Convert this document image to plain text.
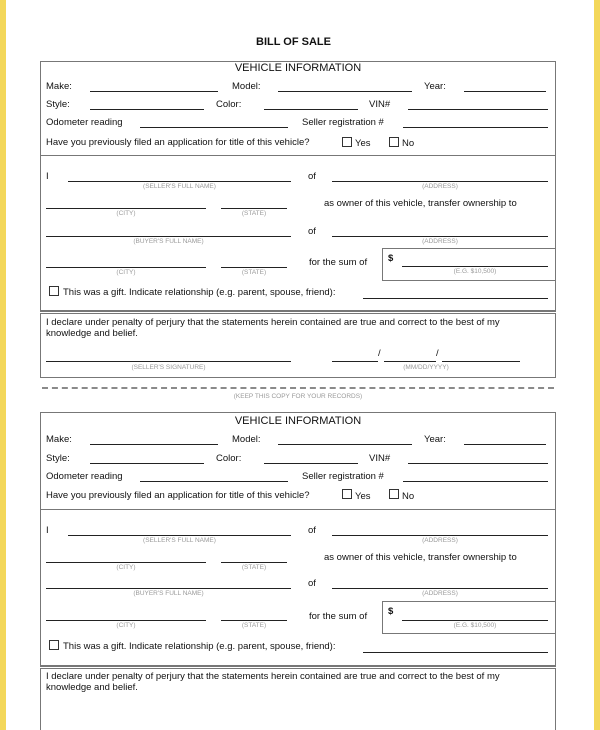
BILL OF SALE
VEHICLE INFORMATION
Make:	Model:	Year:
Style:	Color:	VIN#
Odometer reading	Seller registration #
Have you previously filed an application for title of this vehicle?	Yes	No
I
(SELLER'S FULL NAME)
of
(ADDRESS)
(CITY)	(STATE)
as owner of this vehicle, transfer ownership to
(BUYER'S FULL NAME)
of
(ADDRESS)
$
(E.G. $10,500)
(CITY)	(STATE)
for the sum of
This was a gift. Indicate relationship (e.g. parent, spouse, friend):
I declare under penalty of perjury that the statements herein contained are true and correct to the best of my
knowledge and belief.
(SELLER'S SIGNATURE)
/	/
(MM/DD/YYYY)
(KEEP THIS COPY FOR YOUR RECORDS)
VEHICLE INFORMATION
Make:	Model:	Year:
Style:	Color:	VIN#
Odometer reading	Seller registration #
Have you previously filed an application for title of this vehicle?	Yes	No
I
(SELLER'S FULL NAME)
of
(ADDRESS)
(CITY)	(STATE)
as owner of this vehicle, transfer ownership to
(BUYER'S FULL NAME)
of
(ADDRESS)
$
(E.G. $10,500)
(CITY)	(STATE)
for the sum of
This was a gift. Indicate relationship (e.g. parent, spouse, friend):
I declare under penalty of perjury that the statements herein contained are true and correct to the best of my
knowledge and belief.
